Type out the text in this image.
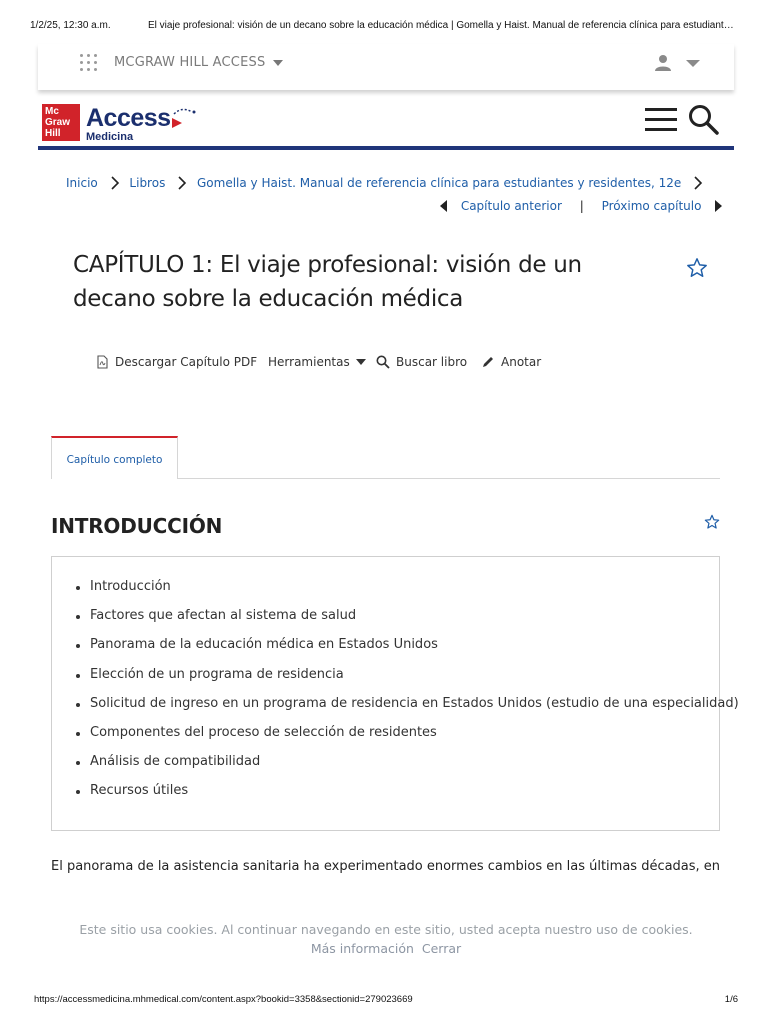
1/2/25, 12:30 a.m.	El viaje profesional: visión de un decano sobre la educación médica | Gomella y Haist. Manual de referencia clínica para estudiant…
MCGRAW HILL ACCESS
Mc
Graw
Hill
Access
Medicina
Inicio	Libros	Gomella y Haist. Manual de referencia clínica para estudiantes y residentes, 12e
Capítulo anterior | Próximo capítulo
CAPÍTULO 1: El viaje profesional: visión de un decano sobre la educación médica
Descargar Capítulo PDF Herramientas	Buscar libro	Anotar
Capítulo completo
INTRODUCCIÓN
Introducción
Factores que afectan al sistema de salud
Panorama de la educación médica en Estados Unidos
Elección de un programa de residencia
Solicitud de ingreso en un programa de residencia en Estados Unidos (estudio de una especialidad)
Componentes del proceso de selección de residentes
Análisis de compatibilidad
Recursos útiles

El panorama de la asistencia sanitaria ha experimentado enormes cambios en las últimas décadas, en

Este sitio usa cookies. Al continuar navegando en este sitio, usted acepta nuestro uso de cookies.
Más información Cerrar
https://accessmedicina.mhmedical.com/content.aspx?bookid=3358&sectionid=279023669	1/6
